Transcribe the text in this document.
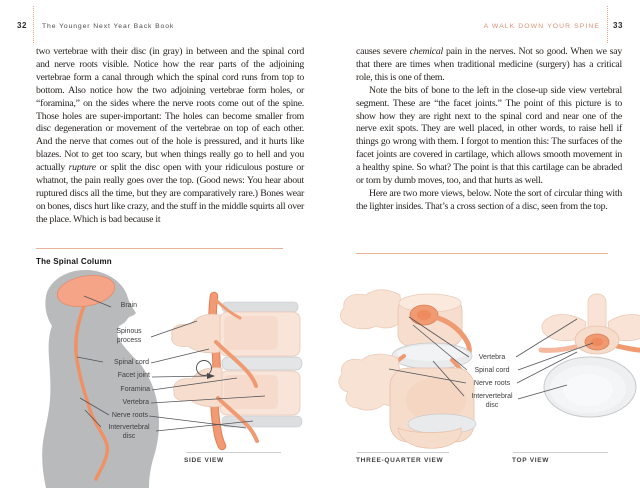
32 The Younger Next Year Back Book	A WALK DOWN YOUR SPINE 33
two vertebrae with their disc (in gray) in between and the spinal cord and nerve roots visible. Notice how the rear parts of the adjoining vertebrae form a canal through which the spinal cord runs from top to bottom. Also notice how the two adjoining vertebrae form holes, or “foramina,” on the sides where the nerve roots come out of the spine. Those holes are super-important: The holes can become smaller from disc degeneration or movement of the vertebrae on top of each other. And the nerve that comes out of the hole is pressured, and it hurts like blazes. Not to get too scary, but when things really go to hell and you actually rupture or split the disc open with your ridiculous posture or whatnot, the pain really goes over the top. (Good news: You hear about ruptured discs all the time, but they are comparatively rare.) Bones wear on bones, discs hurt like crazy, and the stuff in the middle squirts all over the place. Which is bad because it
causes severe chemical pain in the nerves. Not so good. When we say that there are times when traditional medicine (surgery) has a critical role, this is one of them.
Note the bits of bone to the left in the close-up side view vertebral segment. These are “the facet joints.” The point of this picture is to show how they are right next to the spinal cord and near one of the nerve exit spots. They are well placed, in other words, to raise hell if things go wrong with them. I forgot to mention this: The surfaces of the facet joints are covered in cartilage, which allows smooth movement in a healthy spine. So what? The point is that this cartilage can be abraded or torn by dumb moves, too, and that hurts as well.
Here are two more views, below. Note the sort of circular thing with the lighter insides. That’s a cross section of a disc, seen from the top.
The Spinal Column
Brain
Spinous process
Spinal cord
Facet joint
Foramina
Vertebra
Nerve roots
Intervertebral disc
Vertebra
Spinal cord
Nerve roots
Intervertebral disc
SIDE VIEW	THREE-QUARTER VIEW	TOP VIEW
